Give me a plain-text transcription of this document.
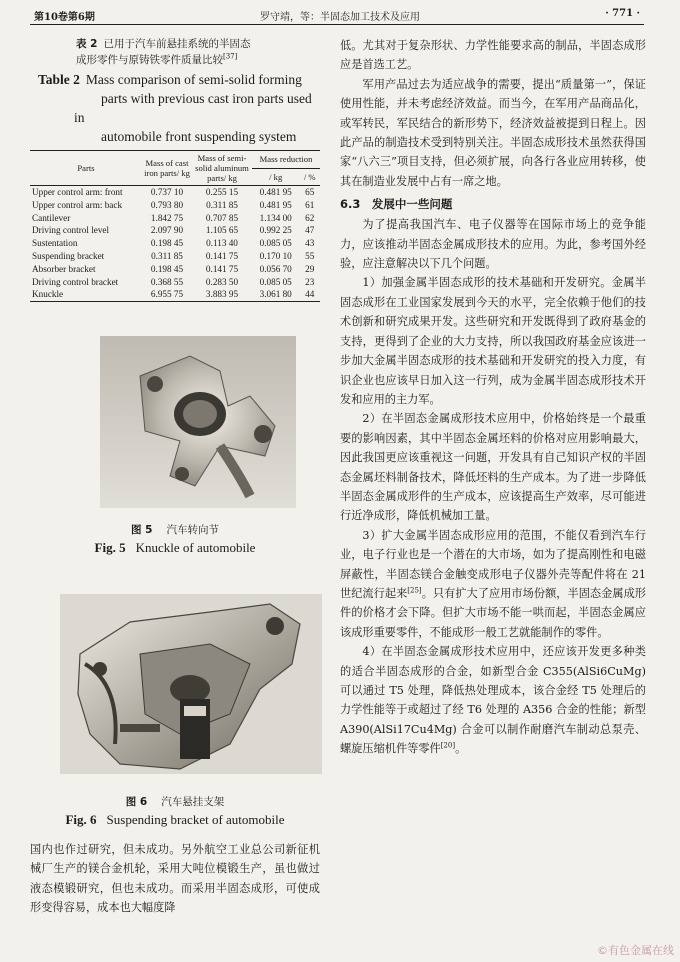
第10卷第6期	罗守靖，等：半固态加工技术及应用	· 771 ·
表 2 已用于汽车前悬挂系统的半固态
成形零件与原铸铁零件质量比较[37]
Table 2 Mass comparison of semi-solid forming
parts with previous cast iron parts used in
automobile front suspending system
Parts	Mass of cast iron parts/ kg	Mass of semi-solid aluminum parts/ kg	Mass reduction	
			/ kg	/ %
Upper control arm: front	0.737 10	0.255 15	0.481 95	65
Upper control arm: back	0.793 80	0.311 85	0.481 95	61
Cantilever	1.842 75	0.707 85	1.134 00	62
Driving control level	2.097 90	1.105 65	0.992 25	47
Sustentation	0.198 45	0.113 40	0.085 05	43
Suspending bracket	0.311 85	0.141 75	0.170 10	55
Absorber bracket	0.198 45	0.141 75	0.056 70	29
Driving control bracket	0.368 55	0.283 50	0.085 05	23
Knuckle	6.955 75	3.883 95	3.061 80	44
图 5 汽车转向节
Fig. 5 Knuckle of automobile
图 6 汽车悬挂支架
Fig. 6 Suspending bracket of automobile

国内也作过研究，但未成功。另外航空工业总公司新征机械厂生产的镁合金机轮，采用大吨位模锻生产，虽也做过液态模锻研究，但也未成功。而采用半固态成形，可使成形变得容易，成本也大幅度降

低。尤其对于复杂形状、力学性能要求高的制品，半固态成形应是首选工艺。

军用产品过去为适应战争的需要，提出“质量第一”，保证使用性能，并未考虑经济效益。而当今，在军用产品商品化，或军转民，军民结合的新形势下，经济效益被提到日程上。因此产品的制造技术受到特别关注。半固态成形技术虽然获得国家“八六三”项目支持，但必须扩展，向各行各业应用转移，使其在制造业发展中占有一席之地。

6.3　发展中一些问题

为了提高我国汽车、电子仪器等在国际市场上的竞争能力，应该推动半固态金属成形技术的应用。为此，参考国外经验，应注意解决以下几个问题。

1）加强金属半固态成形的技术基础和开发研究。金属半固态成形在工业国家发展到今天的水平，完全依赖于他们的技术创新和研究成果开发。这些研究和开发既得到了政府基金的支持，更得到了企业的大力支持，所以我国政府基金应该进一步加大金属半固态成形的技术基础和开发研究的投入力度，有识企业也应该早日加入这一行列，成为金属半固态成形技术开发和应用的主力军。

2）在半固态金属成形技术应用中，价格始终是一个最重要的影响因素，其中半固态金属坯料的价格对应用影响最大，因此我国更应该重视这一问题，开发具有自己知识产权的半固态金属坯料制备技术，降低坯料的生产成本。为了进一步降低半固态金属成形件的生产成本，应该提高生产效率，尽可能进行近净成形，降低机械加工量。

3）扩大金属半固态成形应用的范围，不能仅看到汽车行业，电子行业也是一个潜在的大市场，如为了提高刚性和电磁屏蔽性，半固态镁合金触变成形电子仪器外壳等配件将在 21 世纪流行起来[25]。只有扩大了应用市场份额，半固态金属成形件的价格才会下降。但扩大市场不能一哄而起，半固态金属应该成形重要零件，不能成形一般工艺就能制作的零件。

4）在半固态金属成形技术应用中，还应该开发更多种类的适合半固态成形的合金，如新型合金 C355(AlSi6CuMg) 可以通过 T5 处理，降低热处理成本，该合金经 T5 处理后的力学性能等于或超过了经 T6 处理的 A356 合金的性能；新型 A390(AlSi17Cu4Mg) 合金可以制作耐磨汽车制动总泵壳、螺旋压缩机件等零件[20]。

©有色金属在线
